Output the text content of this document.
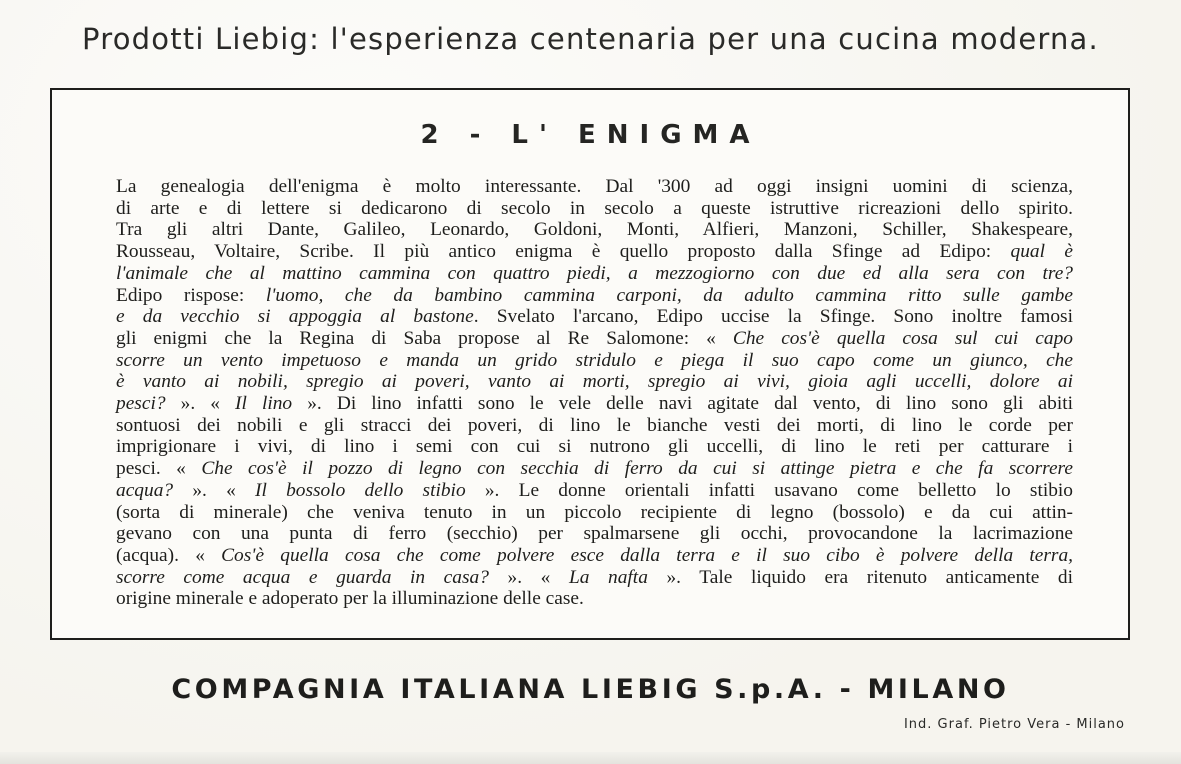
Prodotti Liebig: l'esperienza centenaria per una cucina moderna.
2 - L' ENIGMA
La genealogia dell'enigma è molto interessante. Dal '300 ad oggi insigni uomini di scienza,
di arte e di lettere si dedicarono di secolo in secolo a queste istruttive ricreazioni dello spirito.
Tra gli altri Dante, Galileo, Leonardo, Goldoni, Monti, Alfieri, Manzoni, Schiller, Shakespeare,
Rousseau, Voltaire, Scribe. Il più antico enigma è quello proposto dalla Sfinge ad Edipo: qual è
l'animale che al mattino cammina con quattro piedi, a mezzogiorno con due ed alla sera con tre?
Edipo rispose: l'uomo, che da bambino cammina carponi, da adulto cammina ritto sulle gambe
e da vecchio si appoggia al bastone. Svelato l'arcano, Edipo uccise la Sfinge. Sono inoltre famosi
gli enigmi che la Regina di Saba propose al Re Salomone: « Che cos'è quella cosa sul cui capo
scorre un vento impetuoso e manda un grido stridulo e piega il suo capo come un giunco, che
è vanto ai nobili, spregio ai poveri, vanto ai morti, spregio ai vivi, gioia agli uccelli, dolore ai
pesci? ». « Il lino ». Di lino infatti sono le vele delle navi agitate dal vento, di lino sono gli abiti
sontuosi dei nobili e gli stracci dei poveri, di lino le bianche vesti dei morti, di lino le corde per
imprigionare i vivi, di lino i semi con cui si nutrono gli uccelli, di lino le reti per catturare i
pesci. « Che cos'è il pozzo di legno con secchia di ferro da cui si attinge pietra e che fa scorrere
acqua? ». « Il bossolo dello stibio ». Le donne orientali infatti usavano come belletto lo stibio
(sorta di minerale) che veniva tenuto in un piccolo recipiente di legno (bossolo) e da cui attin-
gevano con una punta di ferro (secchio) per spalmarsene gli occhi, provocandone la lacrimazione
(acqua). « Cos'è quella cosa che come polvere esce dalla terra e il suo cibo è polvere della terra,
scorre come acqua e guarda in casa? ». « La nafta ». Tale liquido era ritenuto anticamente di
origine minerale e adoperato per la illuminazione delle case.
COMPAGNIA ITALIANA LIEBIG S.p.A. - MILANO
Ind. Graf. Pietro Vera - Milano
